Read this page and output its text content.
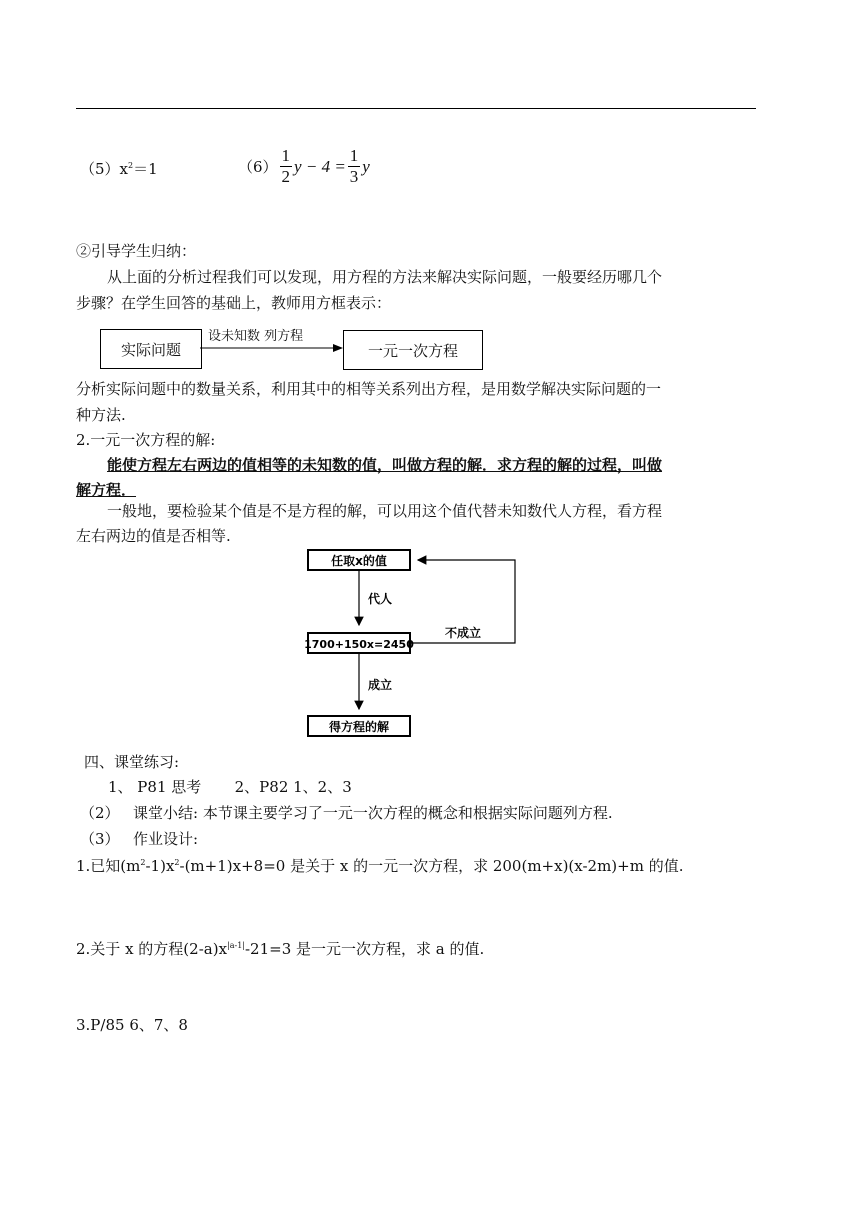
$(5)x^2=1$	$(6) \frac{1}{2}$ $y - 4 = \frac{1}{3}$ y
②引导学生归纳：
从上面的分析过程我们可以发现，用方程的方法来解决实际问题，一般要经历哪几个
步骤？在学生回答的基础上，教师用方框表示：
实际问题
设未知数 列方程
一元一次方程
分析实际问题中的数量关系，利用其中的相等关系列出方程，是用数学解决实际问题的一
种方法.
2.一元一次方程的解:
能使方程左右两边的值相等的未知数的值，叫做方程的解．求方程的解的过程，叫做
解方程．
一般地，要检验某个值是不是方程的解，可以用这个值代替未知数代人方程，看方程
左右两边的值是否相等.
任取x的值
代人
1700+150x=2450
不成立
成立
得方程的解
四、课堂练习:
1、 P81 思考       2、P82 1、2、3
（2） 课堂小结: 本节课主要学习了一元一次方程的概念和根据实际问题列方程.
（3） 作业设计:
1.已知$(m^2-1)x^2-(m+1)x+8=0$ 是关于 x 的一元一次方程，求 200(m+x)(x-2m)+m 的值.
2.关于 x 的方程$(2-a)x^{|a-1|}-21=3$ 是一元一次方程，求 a 的值.
3.P/85 6、7、8
